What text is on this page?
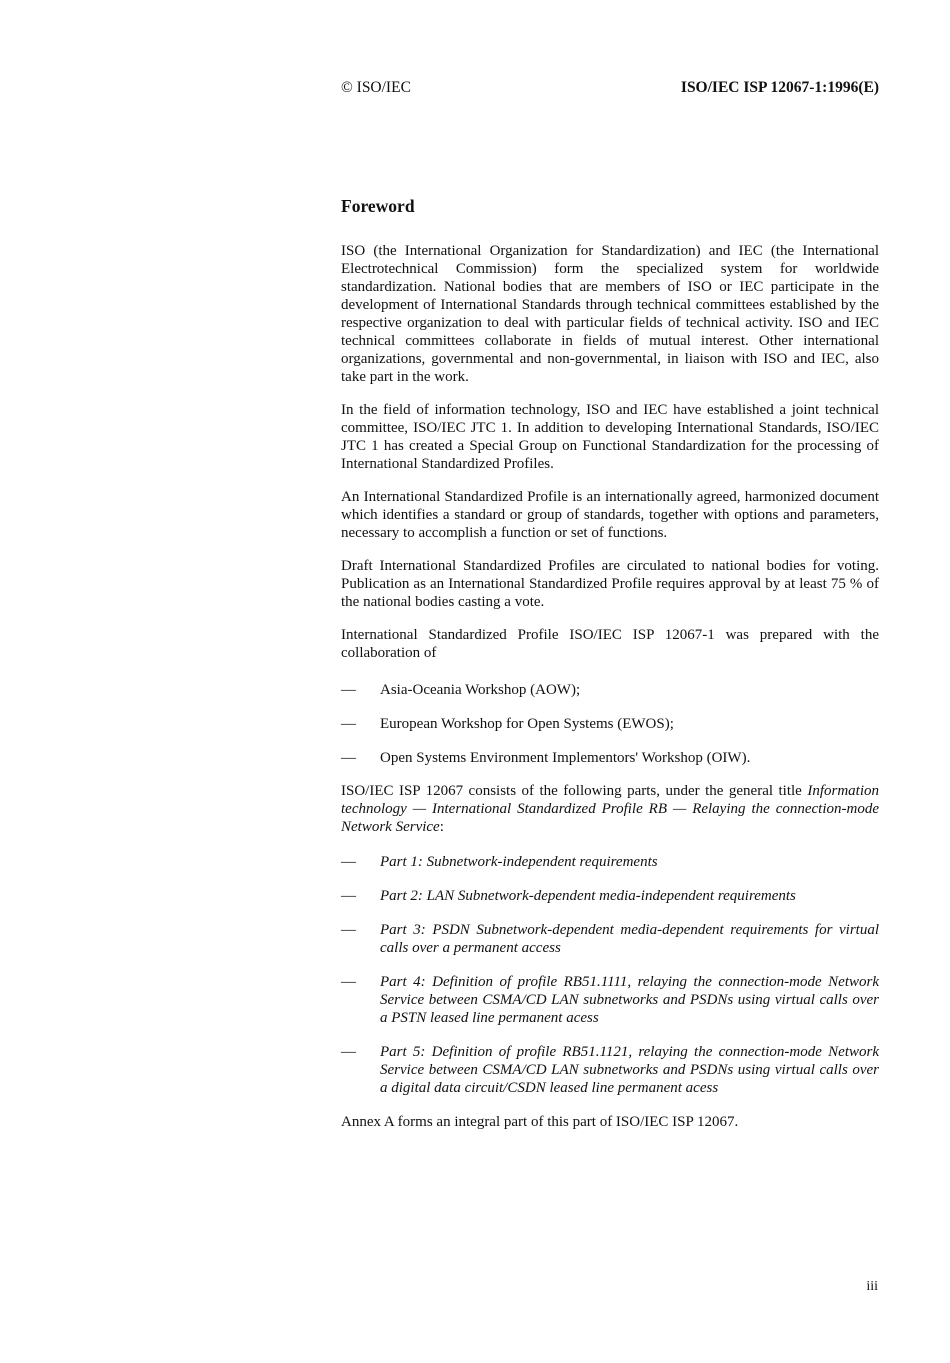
© ISO/IEC	ISO/IEC ISP 12067-1:1996(E)
Foreword

ISO (the International Organization for Standardization) and IEC (the International Electrotechnical Commission) form the specialized system for worldwide standardization. National bodies that are members of ISO or IEC participate in the development of International Standards through technical committees established by the respective organization to deal with particular fields of technical activity. ISO and IEC technical committees collaborate in fields of mutual interest. Other international organizations, governmental and non-governmental, in liaison with ISO and IEC, also take part in the work.

In the field of information technology, ISO and IEC have established a joint technical committee, ISO/IEC JTC 1. In addition to developing International Standards, ISO/IEC JTC 1 has created a Special Group on Functional Standardization for the processing of International Standardized Profiles.

An International Standardized Profile is an internationally agreed, harmonized document which identifies a standard or group of standards, together with options and parameters, necessary to accomplish a function or set of functions.

Draft International Standardized Profiles are circulated to national bodies for voting. Publication as an International Standardized Profile requires approval by at least 75 % of the national bodies casting a vote.

International Standardized Profile ISO/IEC ISP 12067-1 was prepared with the collaboration of

— Asia-Oceania Workshop (AOW);
— European Workshop for Open Systems (EWOS);
— Open Systems Environment Implementors' Workshop (OIW).

ISO/IEC ISP 12067 consists of the following parts, under the general title Information technology — International Standardized Profile RB — Relaying the connection-mode Network Service:

— Part 1: Subnetwork-independent requirements
— Part 2: LAN Subnetwork-dependent media-independent requirements
— Part 3: PSDN Subnetwork-dependent media-dependent requirements for virtual calls over a permanent access
— Part 4: Definition of profile RB51.1111, relaying the connection-mode Network Service between CSMA/CD LAN subnetworks and PSDNs using virtual calls over a PSTN leased line permanent acess
— Part 5: Definition of profile RB51.1121, relaying the connection-mode Network Service between CSMA/CD LAN subnetworks and PSDNs using virtual calls over a digital data circuit/CSDN leased line permanent acess

Annex A forms an integral part of this part of ISO/IEC ISP 12067.

iii
